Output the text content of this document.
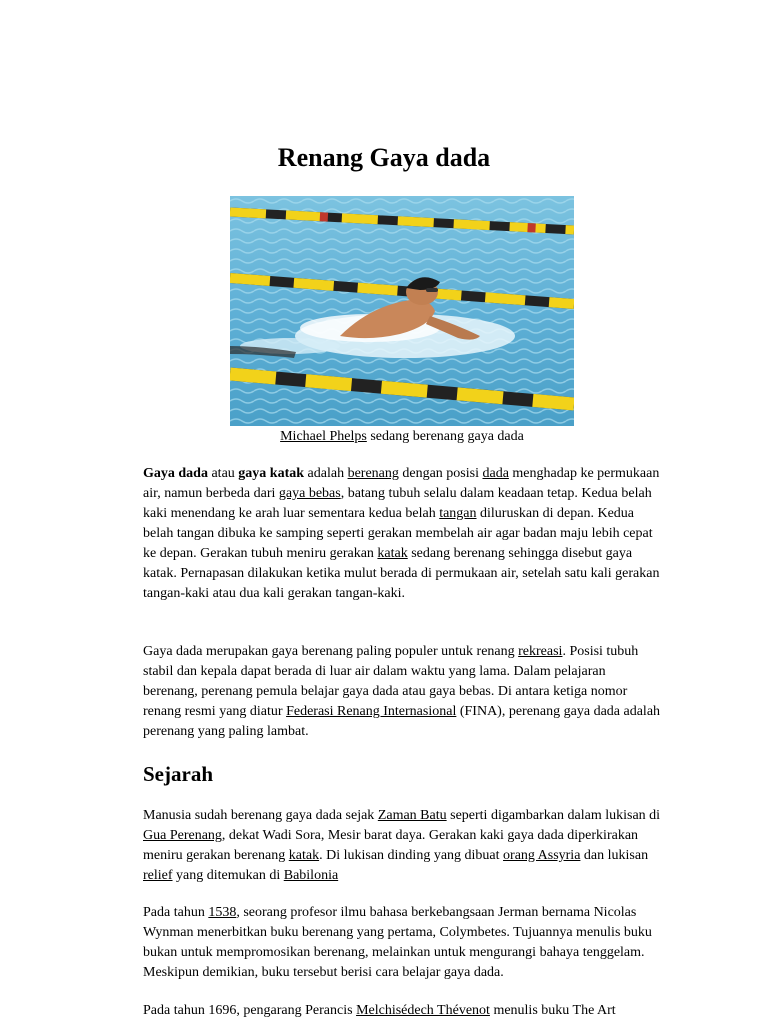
Renang Gaya dada
Michael Phelps sedang berenang gaya dada

Gaya dada atau gaya katak adalah berenang dengan posisi dada menghadap ke permukaan air, namun berbeda dari gaya bebas, batang tubuh selalu dalam keadaan tetap. Kedua belah kaki menendang ke arah luar sementara kedua belah tangan diluruskan di depan. Kedua belah tangan dibuka ke samping seperti gerakan membelah air agar badan maju lebih cepat ke depan. Gerakan tubuh meniru gerakan katak sedang berenang sehingga disebut gaya katak. Pernapasan dilakukan ketika mulut berada di permukaan air, setelah satu kali gerakan tangan-kaki atau dua kali gerakan tangan-kaki.

Gaya dada merupakan gaya berenang paling populer untuk renang rekreasi. Posisi tubuh stabil dan kepala dapat berada di luar air dalam waktu yang lama. Dalam pelajaran berenang, perenang pemula belajar gaya dada atau gaya bebas. Di antara ketiga nomor renang resmi yang diatur Federasi Renang Internasional (FINA), perenang gaya dada adalah perenang yang paling lambat.

Sejarah

Manusia sudah berenang gaya dada sejak Zaman Batu seperti digambarkan dalam lukisan di Gua Perenang, dekat Wadi Sora, Mesir barat daya. Gerakan kaki gaya dada diperkirakan meniru gerakan berenang katak. Di lukisan dinding yang dibuat orang Assyria dan lukisan relief yang ditemukan di Babilonia

Pada tahun 1538, seorang profesor ilmu bahasa berkebangsaan Jerman bernama Nicolas Wynman menerbitkan buku berenang yang pertama, Colymbetes. Tujuannya menulis buku bukan untuk mempromosikan berenang, melainkan untuk mengurangi bahaya tenggelam. Meskipun demikian, buku tersebut berisi cara belajar gaya dada.

Pada tahun 1696, pengarang Perancis Melchisédech Thévenot menulis buku The Art
